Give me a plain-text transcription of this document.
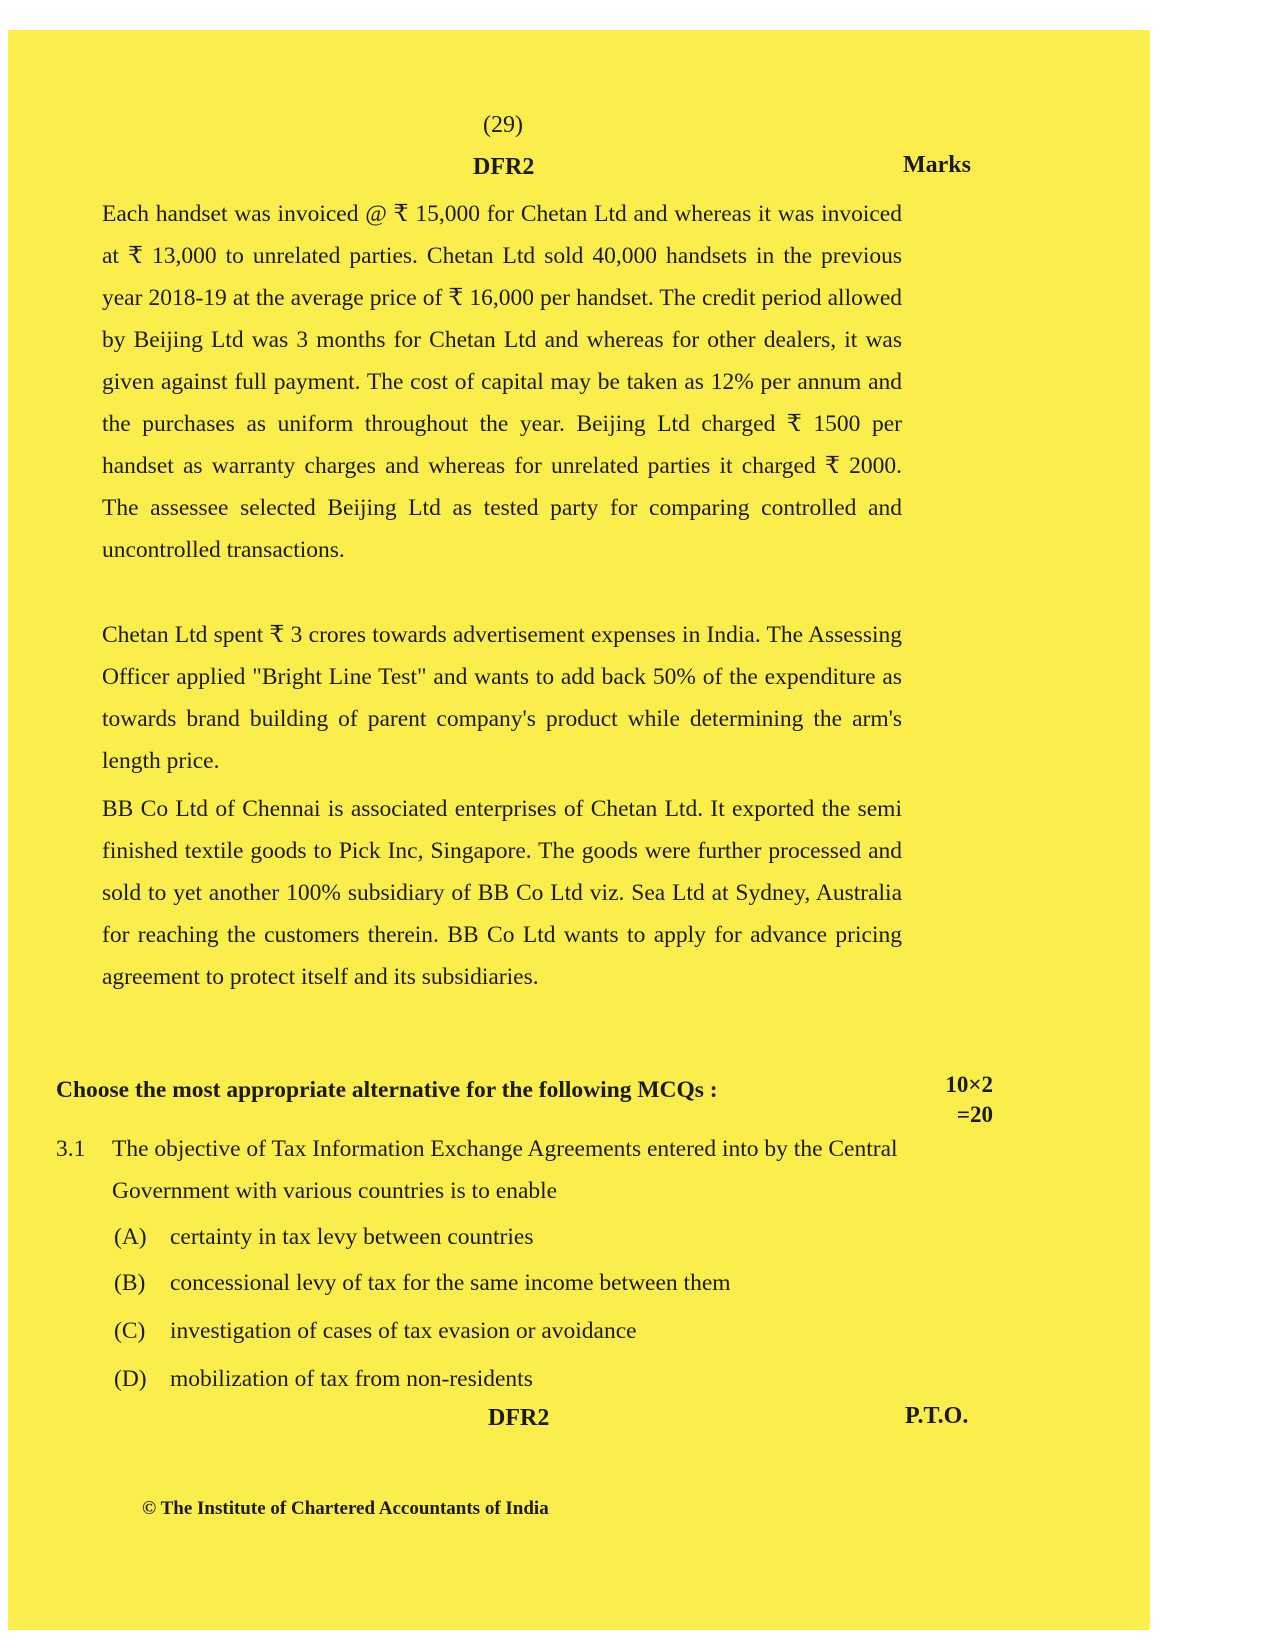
(29)
DFR2	Marks

Each handset was invoiced @ ₹ 15,000 for Chetan Ltd and whereas it was invoiced at ₹ 13,000 to unrelated parties. Chetan Ltd sold 40,000 handsets in the previous year 2018-19 at the average price of ₹ 16,000 per handset. The credit period allowed by Beijing Ltd was 3 months for Chetan Ltd and whereas for other dealers, it was given against full payment. The cost of capital may be taken as 12% per annum and the purchases as uniform throughout the year. Beijing Ltd charged ₹ 1500 per handset as warranty charges and whereas for unrelated parties it charged ₹ 2000. The assessee selected Beijing Ltd as tested party for comparing controlled and uncontrolled transactions.

Chetan Ltd spent ₹ 3 crores towards advertisement expenses in India. The Assessing Officer applied "Bright Line Test" and wants to add back 50% of the expenditure as towards brand building of parent company's product while determining the arm's length price.

BB Co Ltd of Chennai is associated enterprises of Chetan Ltd. It exported the semi finished textile goods to Pick Inc, Singapore. The goods were further processed and sold to yet another 100% subsidiary of BB Co Ltd viz. Sea Ltd at Sydney, Australia for reaching the customers therein. BB Co Ltd wants to apply for advance pricing agreement to protect itself and its subsidiaries.

Choose the most appropriate alternative for the following MCQs :	10×2
=20
3.1 The objective of Tax Information Exchange Agreements entered into by the Central Government with various countries is to enable
(A) certainty in tax levy between countries
(B) concessional levy of tax for the same income between them
(C) investigation of cases of tax evasion or avoidance
(D) mobilization of tax from non-residents
DFR2	P.T.O.
© The Institute of Chartered Accountants of India
